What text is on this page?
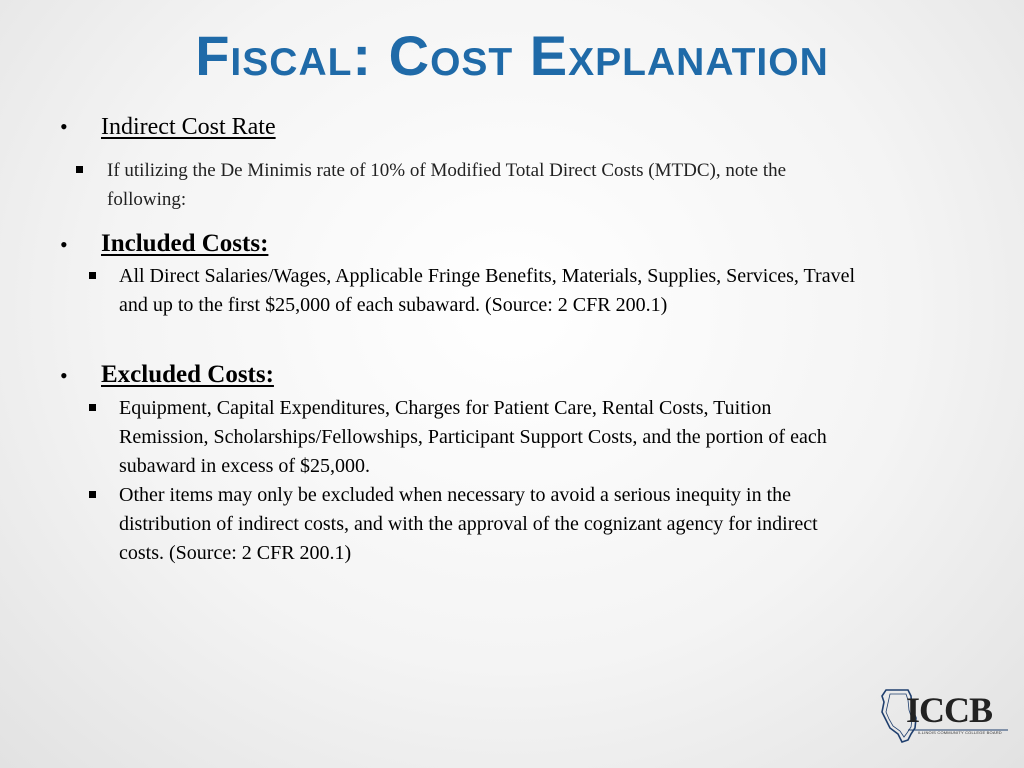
Fiscal: Cost Explanation
• Indirect Cost Rate
If utilizing the De Minimis rate of 10% of Modified Total Direct Costs (MTDC), note the
following:
• Included Costs:
All Direct Salaries/Wages, Applicable Fringe Benefits, Materials, Supplies, Services, Travel
and up to the first $25,000 of each subaward. (Source: 2 CFR 200.1)
• Excluded Costs:
Equipment, Capital Expenditures, Charges for Patient Care, Rental Costs, Tuition
Remission, Scholarships/Fellowships, Participant Support Costs, and the portion of each
subaward in excess of $25,000.
Other items may only be excluded when necessary to avoid a serious inequity in the
distribution of indirect costs, and with the approval of the cognizant agency for indirect
costs. (Source: 2 CFR 200.1)
ICCB
ILLINOIS COMMUNITY COLLEGE BOARD
